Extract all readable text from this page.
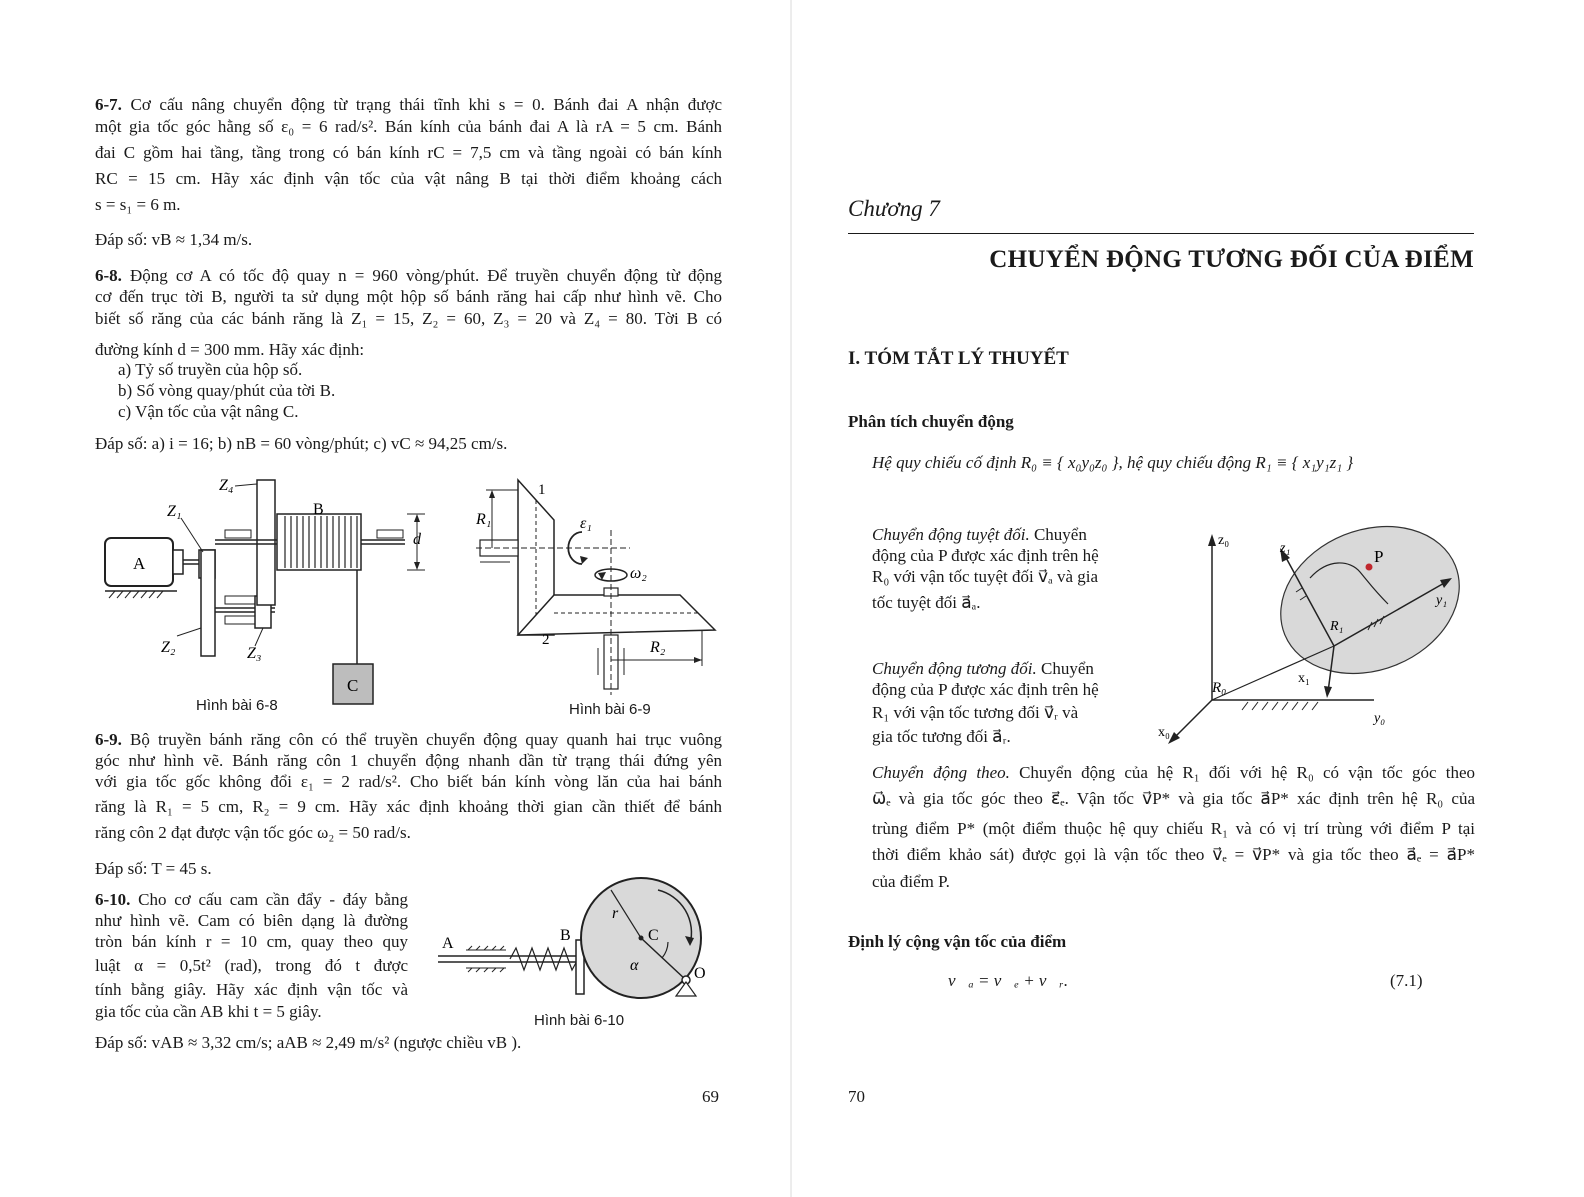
6-7. Cơ cấu nâng chuyển động từ trạng thái tĩnh khi s = 0. Bánh đai A nhận được
một gia tốc góc hằng số ε₀ = 6 rad/s². Bán kính của bánh đai A là rA = 5 cm. Bánh
đai C gồm hai tầng, tầng trong có bán kính rC = 7,5 cm và tầng ngoài có bán kính
RC = 15 cm. Hãy xác định vận tốc của vật nâng B tại thời điểm khoảng cách
s = s₁ = 6 m.
Đáp số: vB ≈ 1,34 m/s.
6-8. Động cơ A có tốc độ quay n = 960 vòng/phút. Để truyền chuyển động từ động
cơ đến trục tời B, người ta sử dụng một hộp số bánh răng hai cấp như hình vẽ. Cho
biết số răng của các bánh răng là Z₁ = 15, Z₂ = 60, Z₃ = 20 và Z₄ = 80. Tời B có
đường kính d = 300 mm. Hãy xác định:
a) Tỷ số truyền của hộp số.
b) Số vòng quay/phút của tời B.
c) Vận tốc của vật nâng C.
Đáp số: a) i = 16; b) nB = 60 vòng/phút; c) vC ≈ 94,25 cm/s.
A
B
C
Z₁
Z₂	Z₃
Z₄
d
Hình bài 6-8
1
2
R₁
R₂
ε₁
ω₂
Hình bài 6-9
6-9. Bộ truyền bánh răng côn có thể truyền chuyển động quay quanh hai trục vuông
góc như hình vẽ. Bánh răng côn 1 chuyển động nhanh dần từ trạng thái đứng yên
với gia tốc gốc không đổi ε₁ = 2 rad/s². Cho biết bán kính vòng lăn của hai bánh
răng là R₁ = 5 cm, R₂ = 9 cm. Hãy xác định khoảng thời gian cần thiết để bánh
răng côn 2 đạt được vận tốc góc ω₂ = 50 rad/s.
Đáp số: T = 45 s.
6-10. Cho cơ cấu cam cần đẩy - đáy bằng
như hình vẽ. Cam có biên dạng là đường
tròn bán kính r = 10 cm, quay theo quy
luật α = 0,5t² (rad), trong đó t được
tính bằng giây. Hãy xác định vận tốc và
gia tốc của cần AB khi t = 5 giây.
Đáp số: vAB ≈ 3,32 cm/s; aAB ≈ 2,49 m/s² (ngược chiều vB ).
A	B	C
O
r
α
Hình bài 6-10
69
Chương 7
CHUYỂN ĐỘNG TƯƠNG ĐỐI CỦA ĐIỂM
I. TÓM TẮT LÝ THUYẾT
Phân tích chuyển động
Hệ quy chiếu cố định R₀ ≡ { x₀y₀z₀ }, hệ quy chiếu động R₁ ≡ { x₁y₁z₁ }
Chuyển động tuyệt đối. Chuyển
động của P được xác định trên hệ
R₀ với vận tốc tuyệt đối v⃗ₐ và gia
tốc tuyệt đối a⃗ₐ.
Chuyển động tương đối. Chuyển
động của P được xác định trên hệ
R₁ với vận tốc tương đối v⃗ᵣ và
gia tốc tương đối a⃗ᵣ.
z₀
x₀
y₀
R₀
z₁
y₁
x₁
R₁
P
Chuyển động theo. Chuyển động của hệ R₁ đối với hệ R₀ có vận tốc góc theo
ω⃗ₑ và gia tốc góc theo ε⃗ₑ. Vận tốc v⃗P* và gia tốc a⃗P* xác định trên hệ R₀ của
trùng điểm P* (một điểm thuộc hệ quy chiếu R₁ và có vị trí trùng với điểm P tại
thời điểm khảo sát) được gọi là vận tốc theo v⃗ₑ = v⃗P* và gia tốc theo a⃗ₑ = a⃗P*
của điểm P.
Định lý cộng vận tốc của điểm
v⃗ₐ = v⃗ₑ + v⃗ᵣ.	(7.1)
70
